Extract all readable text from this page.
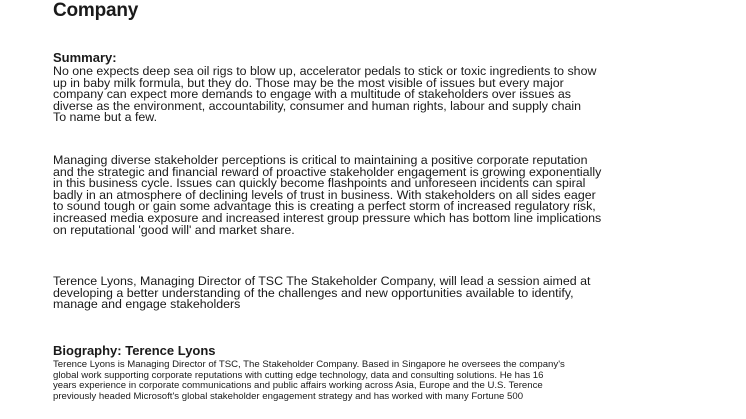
Company
Summary:
No one expects deep sea oil rigs to blow up, accelerator pedals to stick or toxic ingredients to show
up in baby milk formula, but they do. Those may be the most visible of issues but every major
company can expect more demands to engage with a multitude of stakeholders over issues as
diverse as the environment, accountability, consumer and human rights, labour and supply chain
To name but a few.
Managing diverse stakeholder perceptions is critical to maintaining a positive corporate reputation
and the strategic and financial reward of proactive stakeholder engagement is growing exponentially
in this business cycle. Issues can quickly become flashpoints and unforeseen incidents can spiral
badly in an atmosphere of declining levels of trust in business. With stakeholders on all sides eager
to sound tough or gain some advantage this is creating a perfect storm of increased regulatory risk,
increased media exposure and increased interest group pressure which has bottom line implications
on reputational 'good will' and market share.
Terence Lyons, Managing Director of TSC The Stakeholder Company, will lead a session aimed at
developing a better understanding of the challenges and new opportunities available to identify,
manage and engage stakeholders
Biography: Terence Lyons
Terence Lyons is Managing Director of TSC, The Stakeholder Company. Based in Singapore he oversees the company's
global work supporting corporate reputations with cutting edge technology, data and consulting solutions. He has 16
years experience in corporate communications and public affairs working across Asia, Europe and the U.S. Terence
previously headed Microsoft's global stakeholder engagement strategy and has worked with many Fortune 500
